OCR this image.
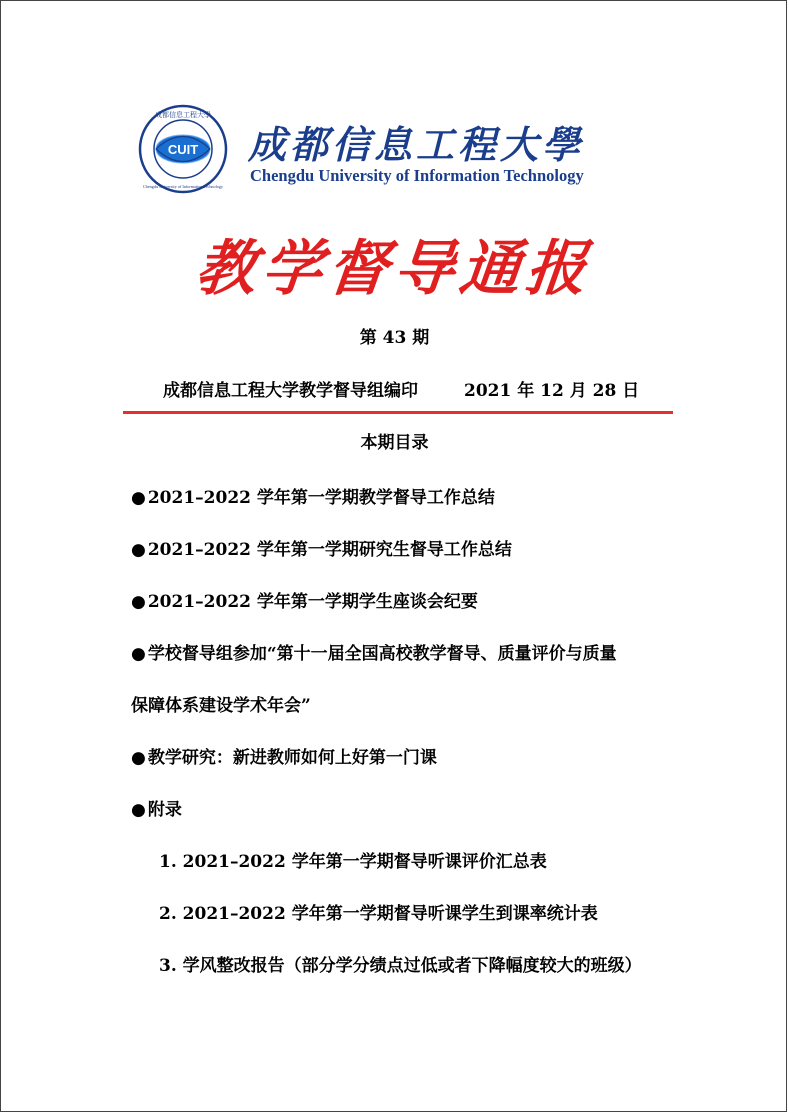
CUIT
成都信息工程大學
Chengdu University of Information Technology
成都信息工程大學
Chengdu University of Information Technology
教学督导通报
第 43 期
成都信息工程大学教学督导组编印	2021 年 12 月 28 日
本期目录
● 2021–2022 学年第一学期教学督导工作总结
● 2021–2022 学年第一学期研究生督导工作总结
● 2021–2022 学年第一学期学生座谈会纪要
● 学校督导组参加“第十一届全国高校教学督导、质量评价与质量
保障体系建设学术年会”
● 教学研究：新进教师如何上好第一门课
● 附录
1. 2021–2022 学年第一学期督导听课评价汇总表
2. 2021–2022 学年第一学期督导听课学生到课率统计表
3. 学风整改报告（部分学分绩点过低或者下降幅度较大的班级）
